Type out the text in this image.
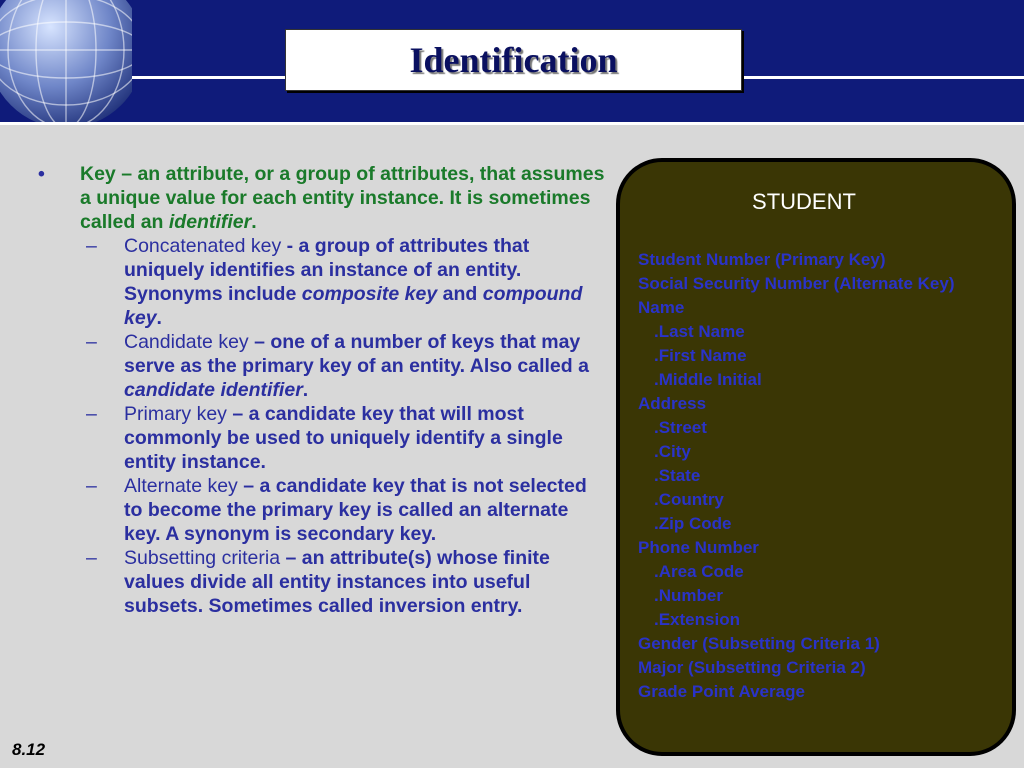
Identification
•	Key – an attribute, or a group of attributes, that assumes a unique value for each entity instance. It is sometimes called an identifier.
–	Concatenated key - a group of attributes that uniquely identifies an instance of an entity. Synonyms include composite key and compound key.
–	Candidate key – one of a number of keys that may serve as the primary key of an entity. Also called a candidate identifier.
–	Primary key – a candidate key that will most commonly be used to uniquely identify a single entity instance.
–	Alternate key – a candidate key that is not selected to become the primary key is called an alternate key. A synonym is secondary key.
–	Subsetting criteria – an attribute(s) whose finite values divide all entity instances into useful subsets. Sometimes called inversion entry.
STUDENT
Student Number (Primary Key)
Social Security Number (Alternate Key)
Name
.Last Name
.First Name
.Middle Initial
Address
.Street
.City
.State
.Country
.Zip Code
Phone Number
.Area Code
.Number
.Extension
Gender (Subsetting Criteria 1)
Major (Subsetting Criteria 2)
Grade Point Average
8.12
